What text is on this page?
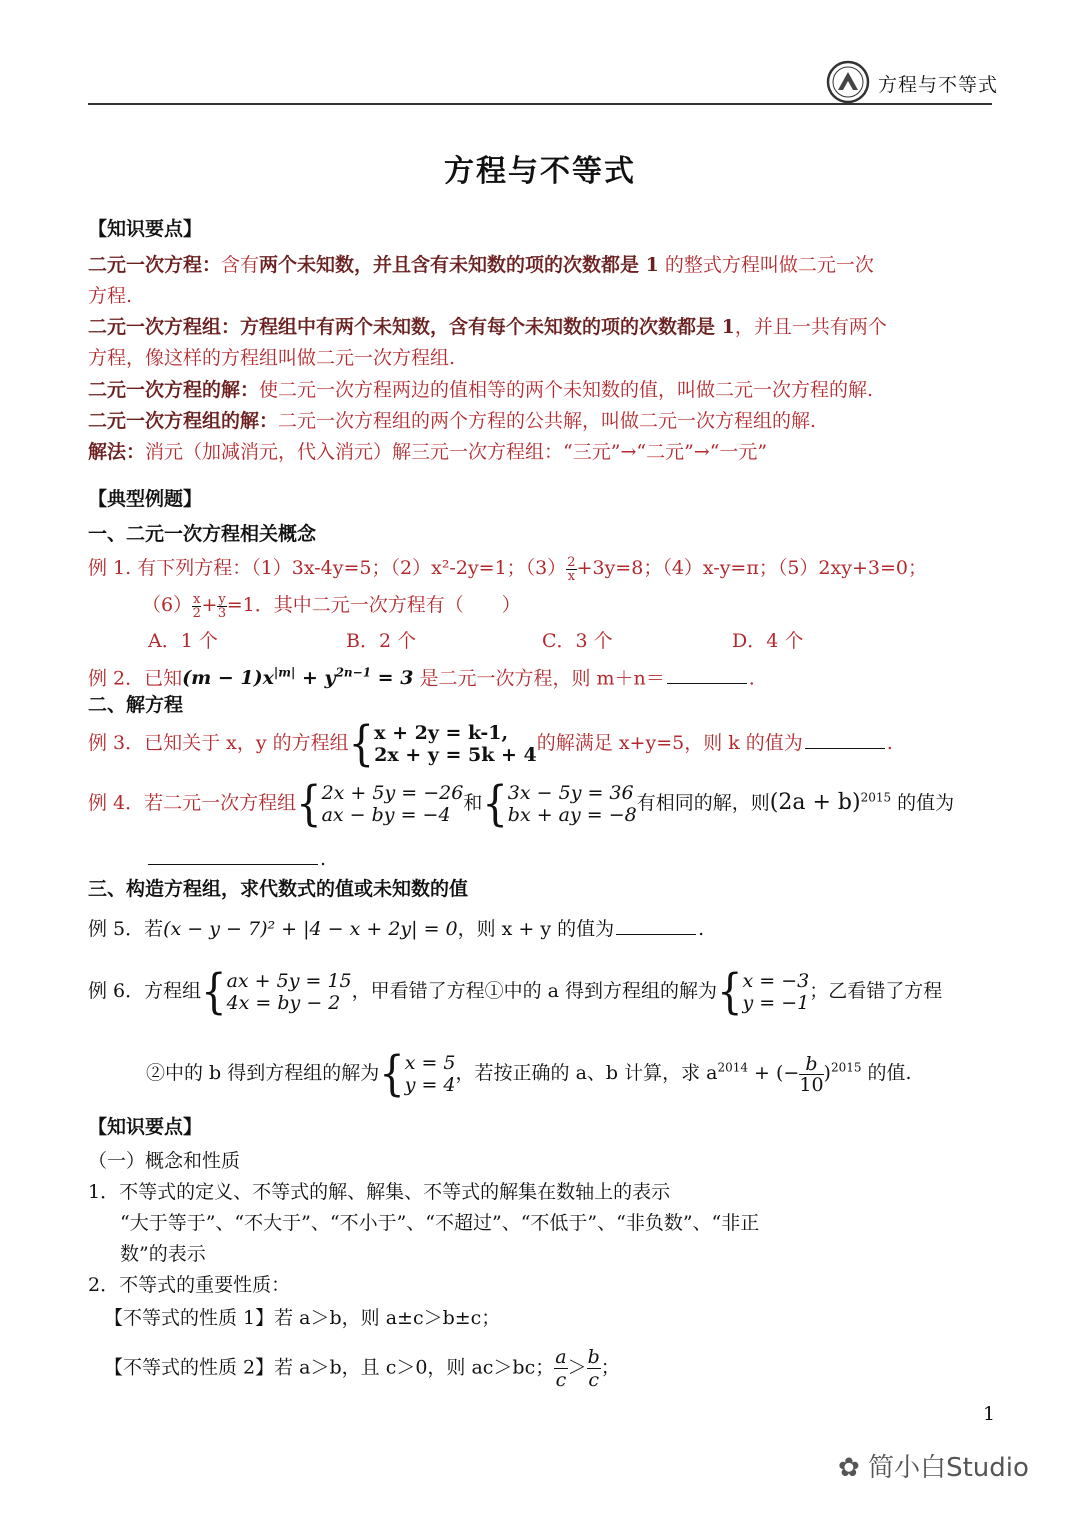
方程与不等式
方程与不等式
【知识要点】
二元一次方程：含有两个未知数，并且含有未知数的项的次数都是 1 的整式方程叫做二元一次
方程.
二元一次方程组：方程组中有两个未知数，含有每个未知数的项的次数都是 1，并且一共有两个
方程，像这样的方程组叫做二元一次方程组.
二元一次方程的解：使二元一次方程两边的值相等的两个未知数的值，叫做二元一次方程的解.
二元一次方程组的解：二元一次方程组的两个方程的公共解，叫做二元一次方程组的解.
解法：消元（加减消元，代入消元）解三元一次方程组：“三元”→“二元”→“一元”
【典型例题】
一、二元一次方程相关概念
例 1. 有下列方程：（1）3x-4y=5；（2）x²-2y=1；$(3) \frac{2}{x} +3y=8$；（4）x-y=π；（5）2xy+3=0；
$(6) \frac{x}{2} + \frac{y}{3} =1$．其中二元一次方程有（　　）
A．1 个	B．2 个	C．3 个	D．4 个
例 2．已知$(m - 1)x^{|m|} + y^{2n-1} = 3$ 是二元一次方程，则 m＋n＝	.
二、解方程
例 3．已知关于 x，y 的方程组{ x + 2y = k-1,
2x + y = 5k + 4
的解满足 x+y=5，则 k 的值为	.
例 4．若二元一次方程组{ 2x + 5y = −26
ax − by = −4
和{ 3x − 5y = 36
bx + ay = −8
有相同的解，则$(2a + b)^{2015}$ 的值为
.
三、构造方程组，求代数式的值或未知数的值
例 5．若(x − y − 7)² + |4 − x + 2y| = 0，则 x + y 的值为	.
例 6．方程组{ ax + 5y = 15
4x = by − 2
，甲看错了方程①中的 a 得到方程组的解为{ x = −3
y = −1
；乙看错了方程
②中的 b 得到方程组的解为{ x = 5
y = 4
，若按正确的 a、b 计算，求 $a^{2014}$ + (− $\frac{b}{10} )^{2015}$ 的值.
【知识要点】
（一）概念和性质
1．不等式的定义、不等式的解、解集、不等式的解集在数轴上的表示
“大于等于”、“不大于”、“不小于”、“不超过”、“不低于”、“非负数”、“非正
数”的表示
2．不等式的重要性质：
【不等式的性质 1】若 a＞b，则 a±c＞b±c；
【不等式的性质 2】若 a＞b，且 c＞0，则 ac＞bc； $\frac{a}{c} > \frac{b}{c}$ ；
1
✿ 简小白Studio
